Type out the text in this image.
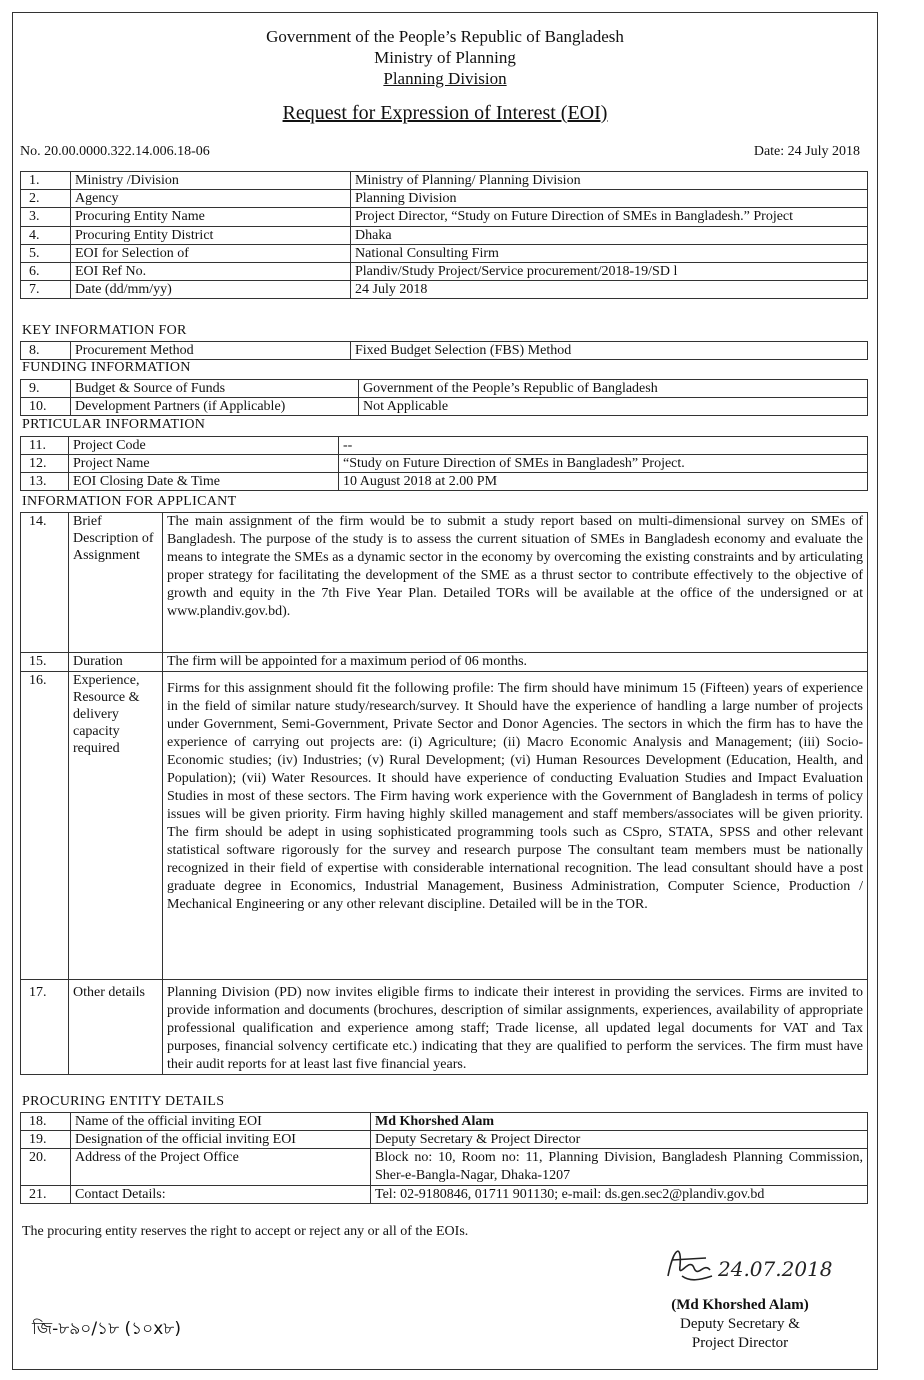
Government of the People’s Republic of Bangladesh
Ministry of Planning
Planning Division
Request for Expression of Interest (EOI)
No. 20.00.0000.322.14.006.18-06	Date: 24 July 2018
1.	Ministry /Division	Ministry of Planning/ Planning Division
2.	Agency	Planning Division
3.	Procuring Entity Name	Project Director, “Study on Future Direction of SMEs in Bangladesh.” Project
4.	Procuring Entity District	Dhaka
5.	EOI for Selection of	National Consulting Firm
6.	EOI Ref No.	Plandiv/Study Project/Service procurement/2018-19/SD l
7.	Date (dd/mm/yy)	24 July 2018
KEY INFORMATION FOR
8.	Procurement Method	Fixed Budget Selection (FBS) Method
FUNDING INFORMATION
9.	Budget & Source of Funds	Government of the People’s Republic of Bangladesh
10.	Development Partners (if Applicable)	Not Applicable
PRTICULAR INFORMATION
11.	Project Code	--
12.	Project Name	“Study on Future Direction of SMEs in Bangladesh” Project.
13.	EOI Closing Date & Time	10 August 2018 at 2.00 PM
INFORMATION FOR APPLICANT
14.	Brief Description of Assignment	The main assignment of the firm would be to submit a study report based on multi-dimensional survey on SMEs of Bangladesh. The purpose of the study is to assess the current situation of SMEs in Bangladesh economy and evaluate the means to integrate the SMEs as a dynamic sector in the economy by overcoming the existing constraints and by articulating proper strategy for facilitating the development of the SME as a thrust sector to contribute effectively to the objective of growth and equity in the 7th Five Year Plan. Detailed TORs will be available at the office of the undersigned or at www.plandiv.gov.bd).
15.	Duration	The firm will be appointed for a maximum period of 06 months.
16.	Experience, Resource & delivery capacity required	Firms for this assignment should fit the following profile: The firm should have minimum 15 (Fifteen) years of experience in the field of similar nature study/research/survey. It Should have the experience of handling a large number of projects under Government, Semi-Government, Private Sector and Donor Agencies. The sectors in which the firm has to have the experience of carrying out projects are: (i) Agriculture; (ii) Macro Economic Analysis and Management; (iii) Socio-Economic studies; (iv) Industries; (v) Rural Development; (vi) Human Resources Development (Education, Health, and Population); (vii) Water Resources. It should have experience of conducting Evaluation Studies and Impact Evaluation Studies in most of these sectors. The Firm having work experience with the Government of Bangladesh in terms of policy issues will be given priority. Firm having highly skilled management and staff members/associates will be given priority. The firm should be adept in using sophisticated programming tools such as CSpro, STATA, SPSS and other relevant statistical software rigorously for the survey and research purpose The consultant team members must be nationally recognized in their field of expertise with considerable international recognition. The lead consultant should have a post graduate degree in Economics, Industrial Management, Business Administration, Computer Science, Production / Mechanical Engineering or any other relevant discipline. Detailed will be in the TOR.
17.	Other details	Planning Division (PD) now invites eligible firms to indicate their interest in providing the services. Firms are invited to provide information and documents (brochures, description of similar assignments, experiences, availability of appropriate professional qualification and experience among staff; Trade license, all updated legal documents for VAT and Tax purposes, financial solvency certificate etc.) indicating that they are qualified to perform the services. The firm must have their audit reports for at least last five financial years.
PROCURING ENTITY DETAILS
18.	Name of the official inviting EOI	Md Khorshed Alam
19.	Designation of the official inviting EOI	Deputy Secretary & Project Director
20.	Address of the Project Office	Block no: 10, Room no: 11, Planning Division, Bangladesh Planning Commission, Sher-e-Bangla-Nagar, Dhaka-1207
21.	Contact Details:	Tel: 02-9180846, 01711 901130; e-mail: ds.gen.sec2@plandiv.gov.bd
The procuring entity reserves the right to accept or reject any or all of the EOIs.
24.07.2018
(Md Khorshed Alam)
Deputy Secretary &
Project Director
জি-৮৯০/১৮ (১০x৮)
